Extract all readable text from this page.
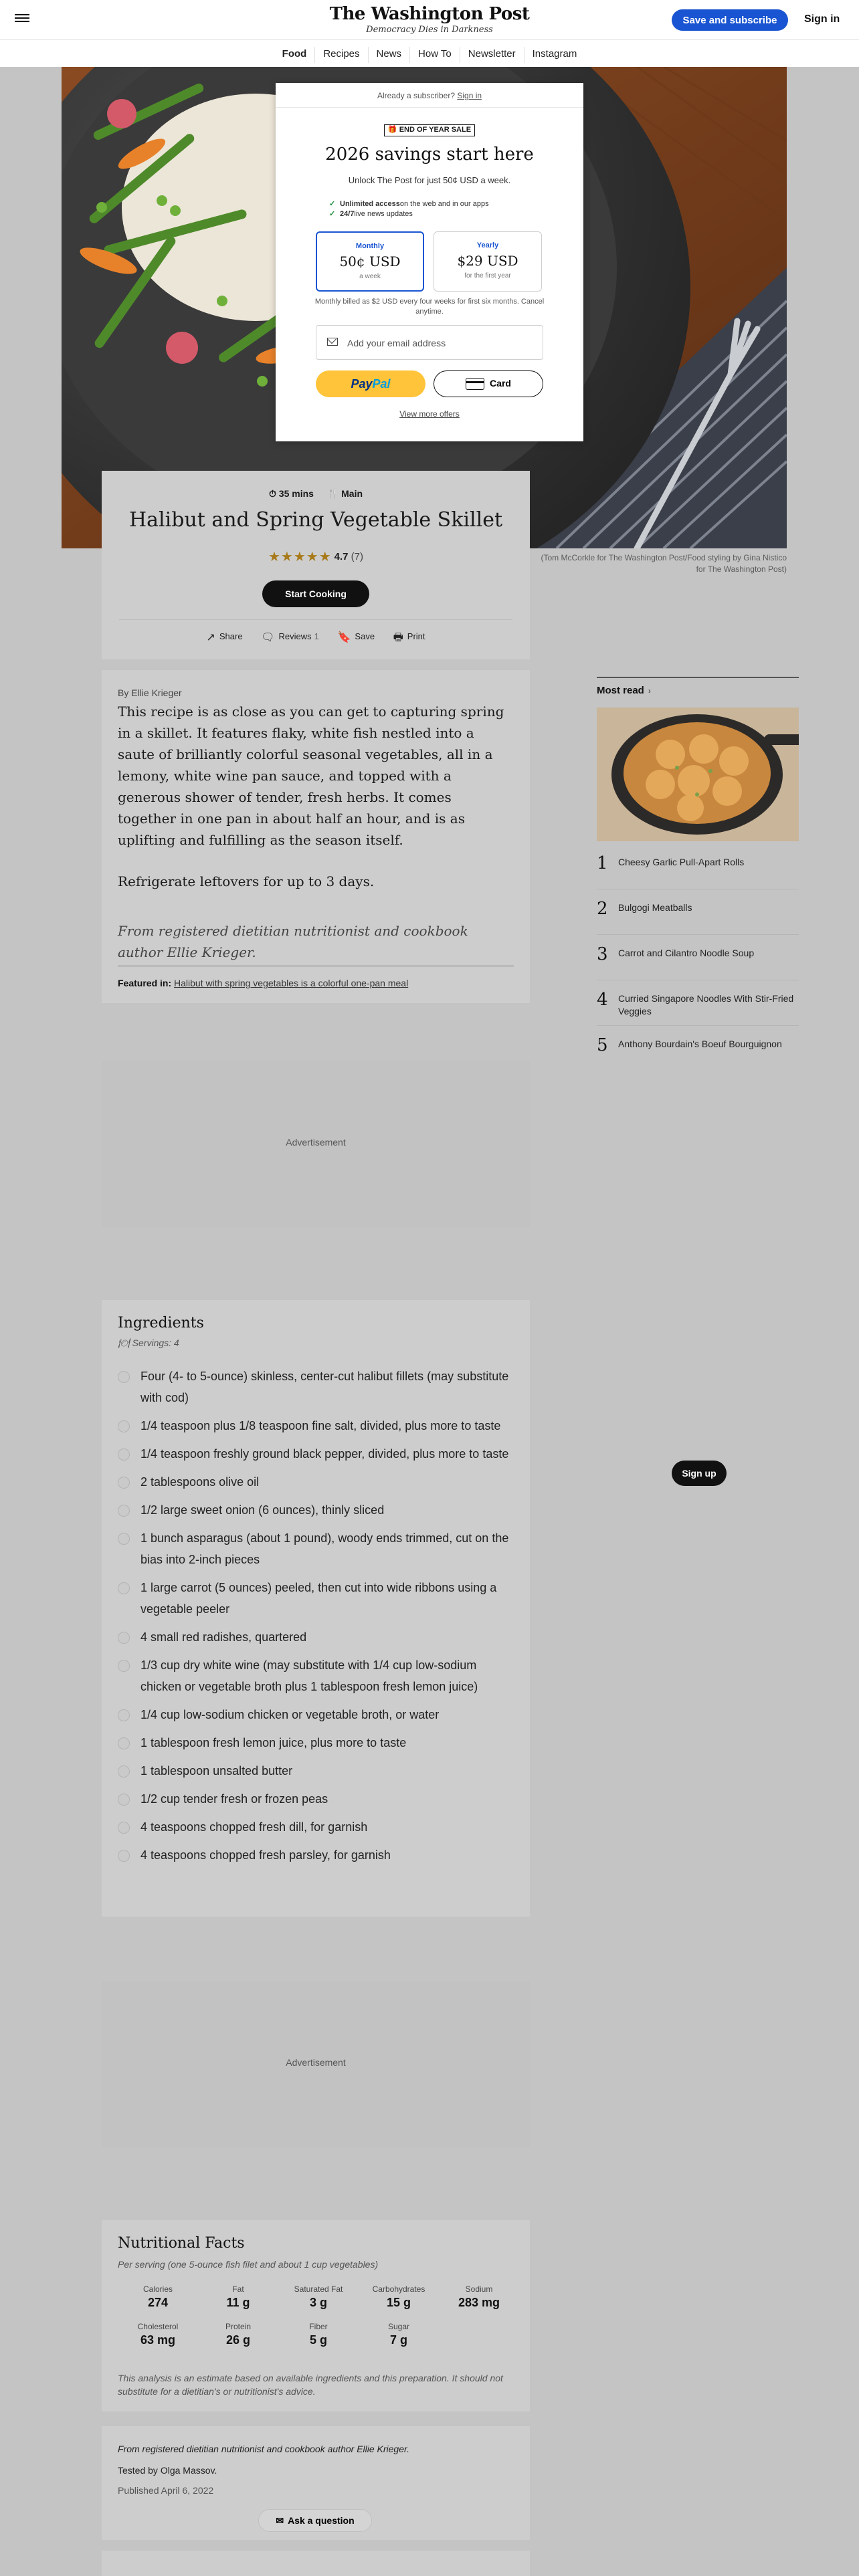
The Washington Post
Democracy Dies in Darkness
Save and subscribe	Sign in
Food Recipes News How To Newsletter Instagram
(Tom McCorkle for The Washington Post/Food styling by Gina Nistico for The Washington Post)
Already a subscriber? Sign in
🎁 END OF YEAR SALE
2026 savings start here
Unlock The Post for just 50¢ USD a week.
✓ Unlimited access on the web and in our apps
✓ 24/7 live news updates
Monthly
50¢ USD
a week
Yearly
$29 USD
for the first year
Monthly billed as $2 USD every four weeks for first six months. Cancel anytime.
Add your email address
PayPal	Card
View more offers
⏱ 35 mins 🍴 Main
Halibut and Spring Vegetable Skillet
★★★★★ 4.7 (7)
Start Cooking
↗ Share 🗨 Reviews 1 🔖 Save 🖶 Print
By Ellie Krieger
This recipe is as close as you can get to capturing spring in a skillet. It features flaky, white fish nestled into a saute of brilliantly colorful seasonal vegetables, all in a lemony, white wine pan sauce, and topped with a generous shower of tender, fresh herbs. It comes together in one pan in about half an hour, and is as uplifting and fulfilling as the season itself.
Refrigerate leftovers for up to 3 days.
From registered dietitian nutritionist and cookbook author Ellie Krieger.
Featured in: Halibut with spring vegetables is a colorful one-pan meal
Advertisement
Ingredients
🍽 Servings: 4
Four (4- to 5-ounce) skinless, center-cut halibut fillets (may substitute with cod)
1/4 teaspoon plus 1/8 teaspoon fine salt, divided, plus more to taste
1/4 teaspoon freshly ground black pepper, divided, plus more to taste
2 tablespoons olive oil
1/2 large sweet onion (6 ounces), thinly sliced
1 bunch asparagus (about 1 pound), woody ends trimmed, cut on the bias into 2-inch pieces
1 large carrot (5 ounces) peeled, then cut into wide ribbons using a vegetable peeler
4 small red radishes, quartered
1/3 cup dry white wine (may substitute with 1/4 cup low-sodium chicken or vegetable broth plus 1 tablespoon fresh lemon juice)
1/4 cup low-sodium chicken or vegetable broth, or water
1 tablespoon fresh lemon juice, plus more to taste
1 tablespoon unsalted butter
1/2 cup tender fresh or frozen peas
4 teaspoons chopped fresh dill, for garnish
4 teaspoons chopped fresh parsley, for garnish
Advertisement
Nutritional Facts
Per serving (one 5-ounce fish filet and about 1 cup vegetables)
Calories
274
Fat
11 g
Saturated Fat
3 g
Carbohydrates
15 g
Sodium
283 mg
Cholesterol
63 mg
Protein
26 g
Fiber
5 g
Sugar
7 g
This analysis is an estimate based on available ingredients and this preparation. It should not substitute for a dietitian's or nutritionist's advice.
From registered dietitian nutritionist and cookbook author Ellie Krieger.
Tested by Olga Massov.
Published April 6, 2022
✉ Ask a question
Most read ›
1 Cheesy Garlic Pull-Apart Rolls
2 Bulgogi Meatballs
3 Carrot and Cilantro Noodle Soup
4 Curried Singapore Noodles With Stir-Fried Veggies
5 Anthony Bourdain's Boeuf Bourguignon
Sign up
